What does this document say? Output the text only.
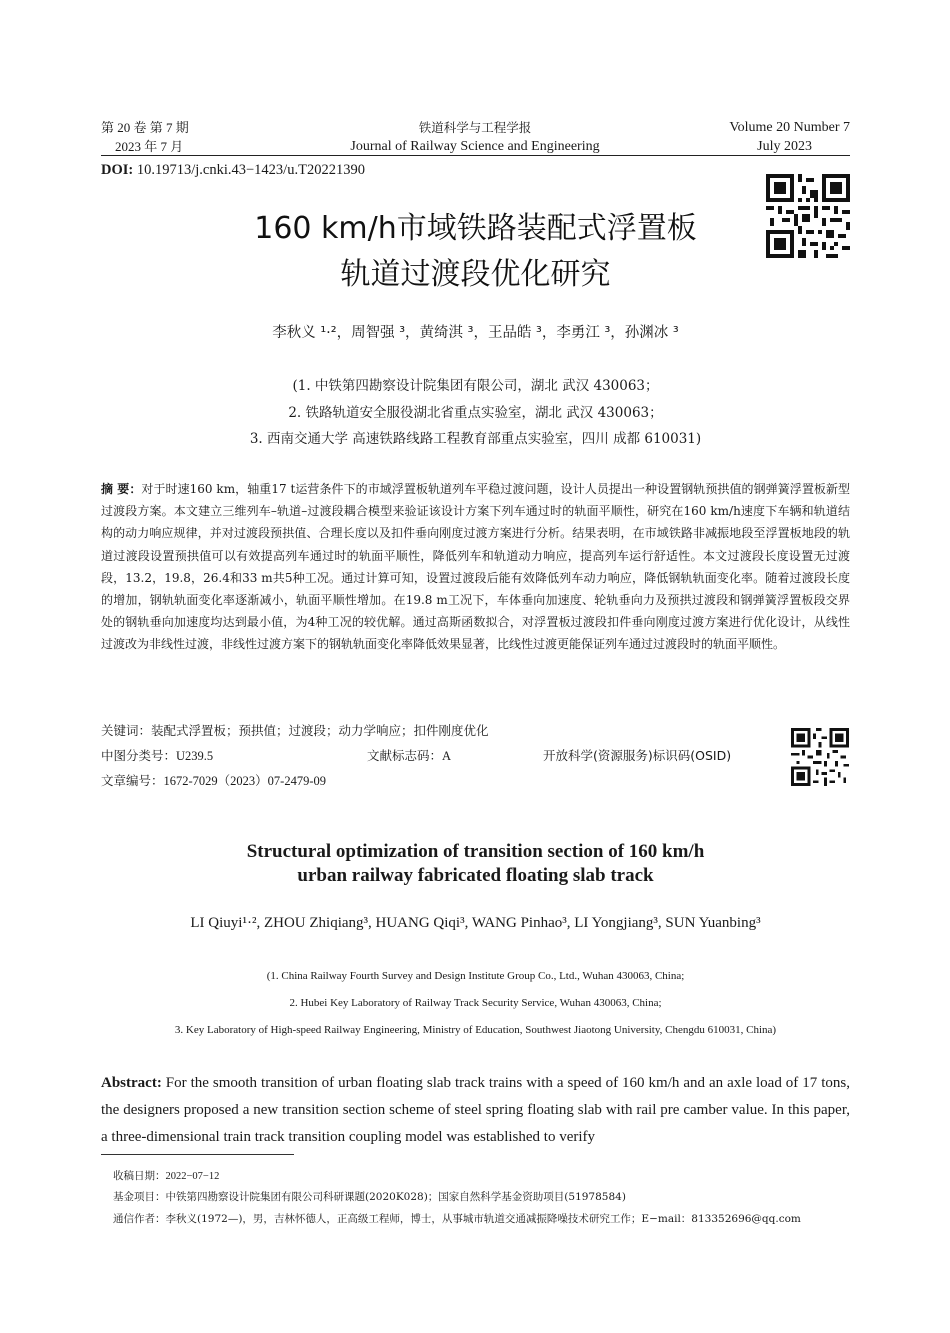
第 20 卷 第 7 期
2023 年 7 月
铁道科学与工程学报
Journal of Railway Science and Engineering
Volume 20 Number 7
July 2023
DOI: 10.19713/j.cnki.43−1423/u.T20221390
160 km/h市域铁路装配式浮置板
轨道过渡段优化研究
李秋义 ¹·²，周智强 ³，黄绮淇 ³，王品皓 ³，李勇江 ³，孙渊冰 ³
(1. 中铁第四勘察设计院集团有限公司，湖北 武汉 430063；
2. 铁路轨道安全服役湖北省重点实验室，湖北 武汉 430063；
3. 西南交通大学 高速铁路线路工程教育部重点实验室，四川 成都 610031)
摘 要：对于时速160 km，轴重17 t运营条件下的市域浮置板轨道列车平稳过渡问题，设计人员提出一种设置钢轨预拱值的钢弹簧浮置板新型过渡段方案。本文建立三维列车–轨道–过渡段耦合模型来验证该设计方案下列车通过时的轨面平顺性，研究在160 km/h速度下车辆和轨道结构的动力响应规律，并对过渡段预拱值、合理长度以及扣件垂向刚度过渡方案进行分析。结果表明，在市域铁路非减振地段至浮置板地段的轨道过渡段设置预拱值可以有效提高列车通过时的轨面平顺性，降低列车和轨道动力响应，提高列车运行舒适性。本文过渡段长度设置无过渡段，13.2，19.8，26.4和33 m共5种工况。通过计算可知，设置过渡段后能有效降低列车动力响应，降低钢轨轨面变化率。随着过渡段长度的增加，钢轨轨面变化率逐渐减小，轨面平顺性增加。在19.8 m工况下，车体垂向加速度、轮轨垂向力及预拱过渡段和钢弹簧浮置板段交界处的钢轨垂向加速度均达到最小值，为4种工况的较优解。通过高斯函数拟合，对浮置板过渡段扣件垂向刚度过渡方案进行优化设计，从线性过渡改为非线性过渡，非线性过渡方案下的钢轨轨面变化率降低效果显著，比线性过渡更能保证列车通过过渡段时的轨面平顺性。
关键词：装配式浮置板；预拱值；过渡段；动力学响应；扣件刚度优化
中图分类号：U239.5	文献标志码：A	开放科学(资源服务)标识码(OSID)
文章编号：1672-7029（2023）07-2479-09
Structural optimization of transition section of 160 km/h
urban railway fabricated floating slab track
LI Qiuyi¹·², ZHOU Zhiqiang³, HUANG Qiqi³, WANG Pinhao³, LI Yongjiang³, SUN Yuanbing³
(1. China Railway Fourth Survey and Design Institute Group Co., Ltd., Wuhan 430063, China;
2. Hubei Key Laboratory of Railway Track Security Service, Wuhan 430063, China;
3. Key Laboratory of High-speed Railway Engineering, Ministry of Education, Southwest Jiaotong University, Chengdu 610031, China)
Abstract: For the smooth transition of urban floating slab track trains with a speed of 160 km/h and an axle load of 17 tons, the designers proposed a new transition section scheme of steel spring floating slab with rail pre camber value. In this paper, a three-dimensional train track transition coupling model was established to verify
收稿日期：2022−07−12
基金项目：中铁第四勘察设计院集团有限公司科研课题(2020K028)；国家自然科学基金资助项目(51978584)
通信作者：李秋义(1972—)，男，吉林怀德人，正高级工程师，博士，从事城市轨道交通减振降噪技术研究工作；E−mail：813352696@qq.com
